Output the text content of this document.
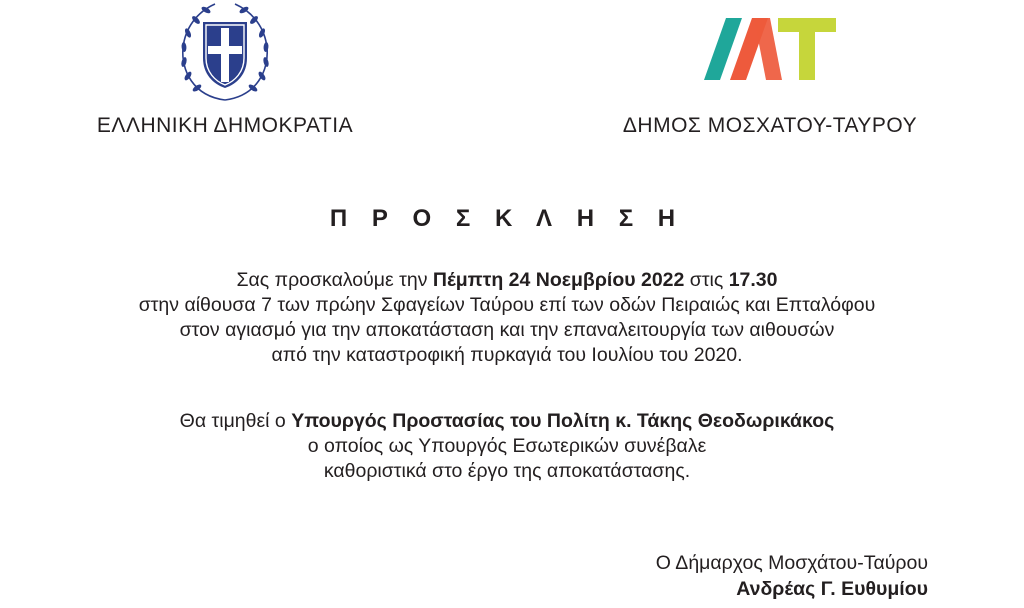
ΕΛΛΗΝΙΚΗ ΔΗΜΟΚΡΑΤΙΑ	ΔΗΜΟΣ ΜΟΣΧΑΤΟΥ-ΤΑΥΡΟΥ
Π Ρ Ο Σ Κ Λ Η Σ Η
Σας προσκαλούμε την Πέμπτη 24 Νοεμβρίου 2022 στις 17.30
στην αίθουσα 7 των πρώην Σφαγείων Ταύρου επί των οδών Πειραιώς και Επταλόφου
στον αγιασμό για την αποκατάσταση και την επαναλειτουργία των αιθουσών
από την καταστροφική πυρκαγιά του Ιουλίου του 2020.
Θα τιμηθεί ο Υπουργός Προστασίας του Πολίτη κ. Τάκης Θεοδωρικάκος
ο οποίος ως Υπουργός Εσωτερικών συνέβαλε
καθοριστικά στο έργο της αποκατάστασης.
Ο Δήμαρχος Μοσχάτου-Ταύρου
Ανδρέας Γ. Ευθυμίου
